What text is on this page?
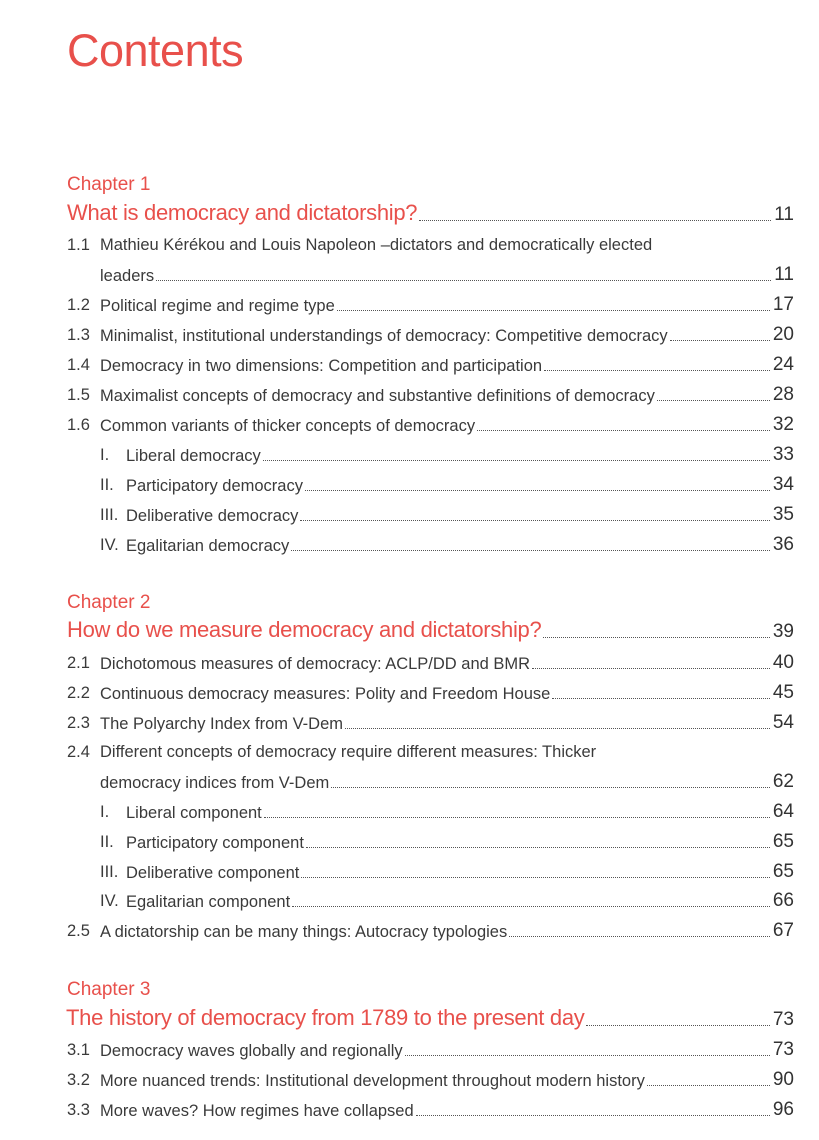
Contents
Chapter 1
What is democracy and dictatorship?	11
1.1 Mathieu Kérékou and Louis Napoleon –dictators and democratically elected
leaders	11
1.2 Political regime and regime type	17
1.3 Minimalist, institutional understandings of democracy: Competitive democracy	20
1.4 Democracy in two dimensions: Competition and participation	24
1.5 Maximalist concepts of democracy and substantive definitions of democracy	28
1.6 Common variants of thicker concepts of democracy	32
I. Liberal democracy	33
II. Participatory democracy	34
III. Deliberative democracy	35
IV. Egalitarian democracy	36
Chapter 2
How do we measure democracy and dictatorship?	39
2.1 Dichotomous measures of democracy: ACLP/DD and BMR	40
2.2 Continuous democracy measures: Polity and Freedom House	45
2.3 The Polyarchy Index from V-Dem	54
2.4 Different concepts of democracy require different measures: Thicker
democracy indices from V-Dem	62
I. Liberal component	64
II. Participatory component	65
III. Deliberative component	65
IV. Egalitarian component	66
2.5 A dictatorship can be many things: Autocracy typologies	67
Chapter 3
The history of democracy from 1789 to the present day	73
3.1 Democracy waves globally and regionally	73
3.2 More nuanced trends: Institutional development throughout modern history	90
3.3 More waves? How regimes have collapsed	96
